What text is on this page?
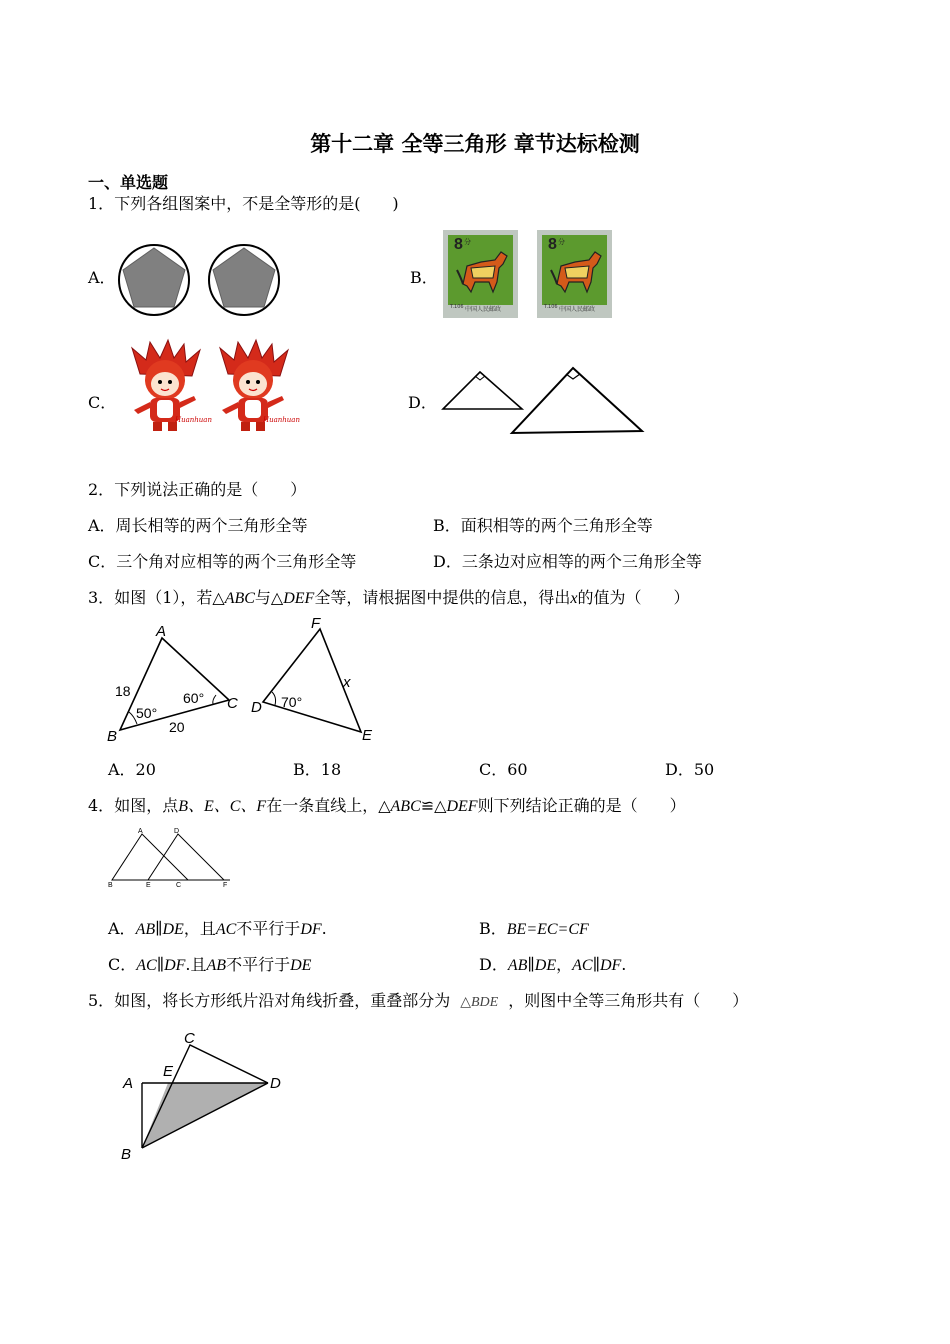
第十二章 全等三角形 章节达标检测
一、单选题
1．下列各组图案中，不是全等形的是(　　)
A．	B．
8 分
中国人民邮政
T.106
8 分
中国人民邮政
T.106
C．
Huanhuan	Huanhuan
D．
2．下列说法正确的是（　　）
A．周长相等的两个三角形全等	B．面积相等的两个三角形全等
C．三个角对应相等的两个三角形全等	D．三条边对应相等的两个三角形全等
3．如图（1），若△ABC与△DEF全等，请根据图中提供的信息，得出x的值为（　　）
A
B
C D
E
F
18
20
50°
60°	70°
x
A．20	B．18	C．60	D．50
4．如图，点B、E、C、F在一条直线上，△ABC≌△DEF则下列结论正确的是（　　）
A
B	C
D
E	F
A．AB∥DE，且AC不平行于DF.	B．BE=EC=CF
C．AC∥DF.且AB不平行于DE	D．AB∥DE，AC∥DF.
5．如图，将长方形纸片沿对角线折叠，重叠部分为 △BDE ，则图中全等三角形共有（　　）
A
B
C
D
E
